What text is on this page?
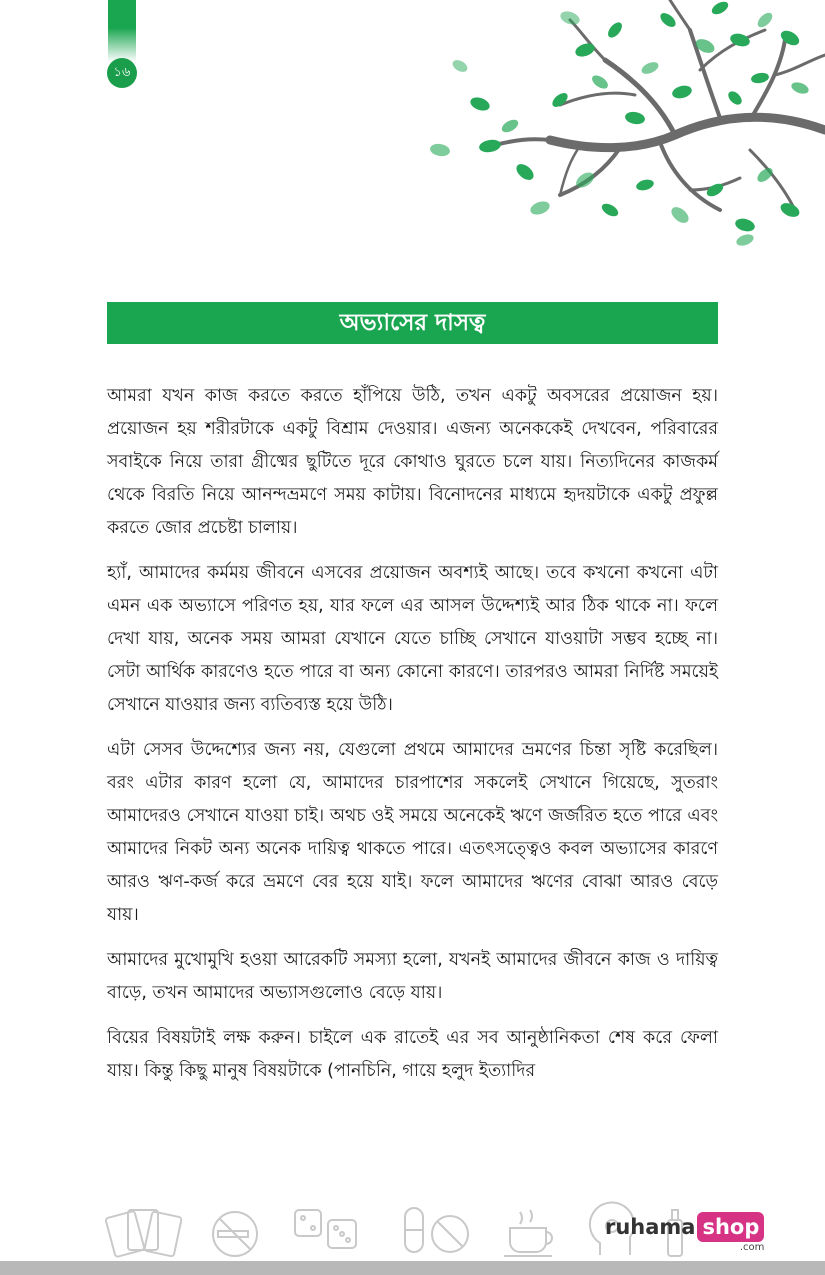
১৬
অভ্যাসের দাসত্ব

আমরা যখন কাজ করতে করতে হাঁপিয়ে উঠি, তখন একটু অবসরের প্রয়োজন হয়। প্রয়োজন হয় শরীরটাকে একটু বিশ্রাম দেওয়ার। এজন্য অনেককেই দেখবেন, পরিবারের সবাইকে নিয়ে তারা গ্রীষ্মের ছুটিতে দূরে কোথাও ঘুরতে চলে যায়। নিত্যদিনের কাজকর্ম থেকে বিরতি নিয়ে আনন্দভ্রমণে সময় কাটায়। বিনোদনের মাধ্যমে হৃদয়টাকে একটু প্রফুল্ল করতে জোর প্রচেষ্টা চালায়।

হ্যাঁ, আমাদের কর্মময় জীবনে এসবের প্রয়োজন অবশ্যই আছে। তবে কখনো কখনো এটা এমন এক অভ্যাসে পরিণত হয়, যার ফলে এর আসল উদ্দেশ্যই আর ঠিক থাকে না। ফলে দেখা যায়, অনেক সময় আমরা যেখানে যেতে চাচ্ছি সেখানে যাওয়াটা সম্ভব হচ্ছে না। সেটা আর্থিক কারণেও হতে পারে বা অন্য কোনো কারণে। তারপরও আমরা নির্দিষ্ট সময়েই সেখানে যাওয়ার জন্য ব্যতিব্যস্ত হয়ে উঠি।

এটা সেসব উদ্দেশ্যের জন্য নয়, যেগুলো প্রথমে আমাদের ভ্রমণের চিন্তা সৃষ্টি করেছিল। বরং এটার কারণ হলো যে, আমাদের চারপাশের সকলেই সেখানে গিয়েছে, সুতরাং আমাদেরও সেখানে যাওয়া চাই। অথচ ওই সময়ে অনেকেই ঋণে জর্জরিত হতে পারে এবং আমাদের নিকট অন্য অনেক দায়িত্ব থাকতে পারে। এতৎসত্ত্বেও কবল অভ্যাসের কারণে আরও ঋণ-কর্জ করে ভ্রমণে বের হয়ে যাই। ফলে আমাদের ঋণের বোঝা আরও বেড়ে যায়।

আমাদের মুখোমুখি হওয়া আরেকটি সমস্যা হলো, যখনই আমাদের জীবনে কাজ ও দায়িত্ব বাড়ে, তখন আমাদের অভ্যাসগুলোও বেড়ে যায়।

বিয়ের বিষয়টাই লক্ষ করুন। চাইলে এক রাতেই এর সব আনুষ্ঠানিকতা শেষ করে ফেলা যায়। কিন্তু কিছু মানুষ বিষয়টাকে (পানচিনি, গায়ে হলুদ ইত্যাদির

ruhama shop
.com
